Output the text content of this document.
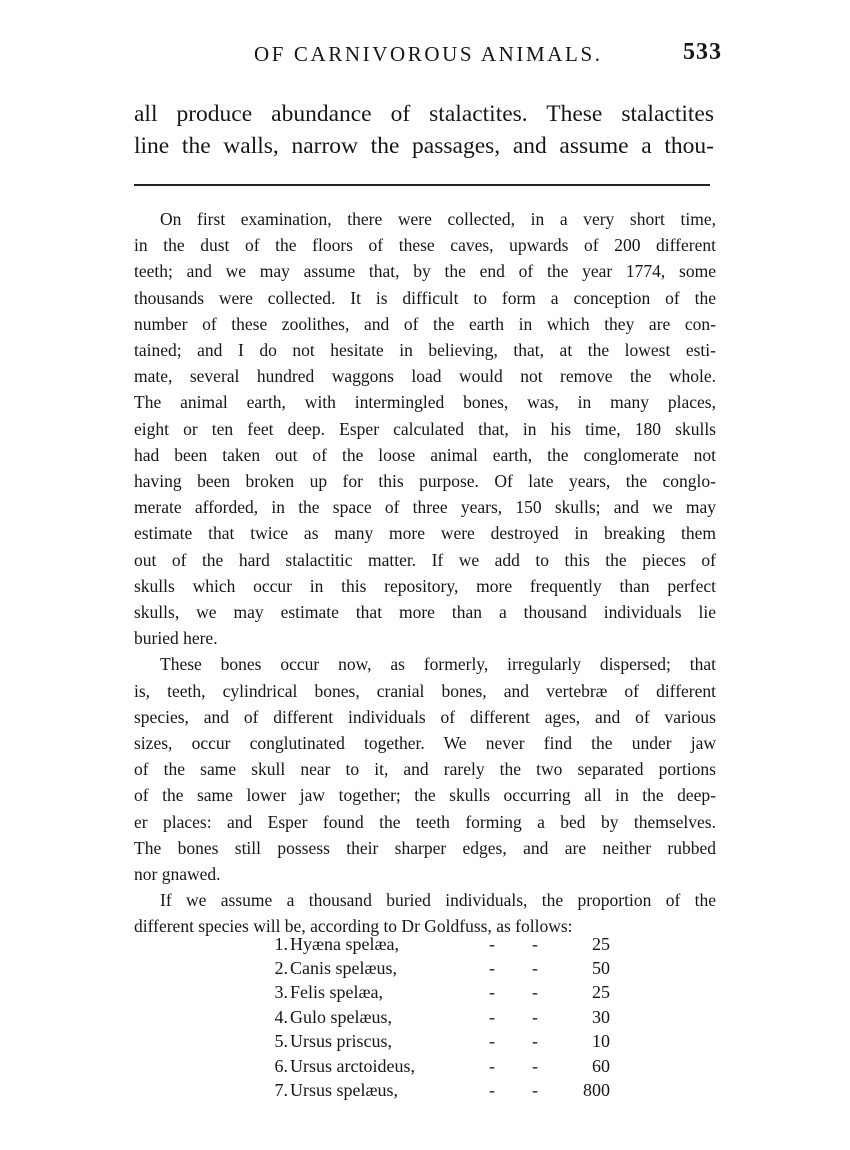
OF CARNIVOROUS ANIMALS.	533
all produce abundance of stalactites. These stalactites
line the walls, narrow the passages, and assume a thou-

On first examination, there were collected, in a very short time,
in the dust of the floors of these caves, upwards of 200 different
teeth; and we may assume that, by the end of the year 1774, some
thousands were collected. It is difficult to form a conception of the
number of these zoolithes, and of the earth in which they are con-
tained; and I do not hesitate in believing, that, at the lowest esti-
mate, several hundred waggons load would not remove the whole.
The animal earth, with intermingled bones, was, in many places,
eight or ten feet deep. Esper calculated that, in his time, 180 skulls
had been taken out of the loose animal earth, the conglomerate not
having been broken up for this purpose. Of late years, the conglo-
merate afforded, in the space of three years, 150 skulls; and we may
estimate that twice as many more were destroyed in breaking them
out of the hard stalactitic matter. If we add to this the pieces of
skulls which occur in this repository, more frequently than perfect
skulls, we may estimate that more than a thousand individuals lie
buried here.

These bones occur now, as formerly, irregularly dispersed; that
is, teeth, cylindrical bones, cranial bones, and vertebræ of different
species, and of different individuals of different ages, and of various
sizes, occur conglutinated together. We never find the under jaw
of the same skull near to it, and rarely the two separated portions
of the same lower jaw together; the skulls occurring all in the deep-
er places: and Esper found the teeth forming a bed by themselves.
The bones still possess their sharper edges, and are neither rubbed
nor gnawed.

If we assume a thousand buried individuals, the proportion of the
different species will be, according to Dr Goldfuss, as follows:

1.	Hyæna spelæa,	-	-	25
2.	Canis spelæus,	-	-	50
3.	Felis spelæa,	-	-	25
4.	Gulo spelæus,	-	-	30
5.	Ursus priscus,	-	-	10
6.	Ursus arctoideus,	-	-	60
7.	Ursus spelæus,	-	-	800
